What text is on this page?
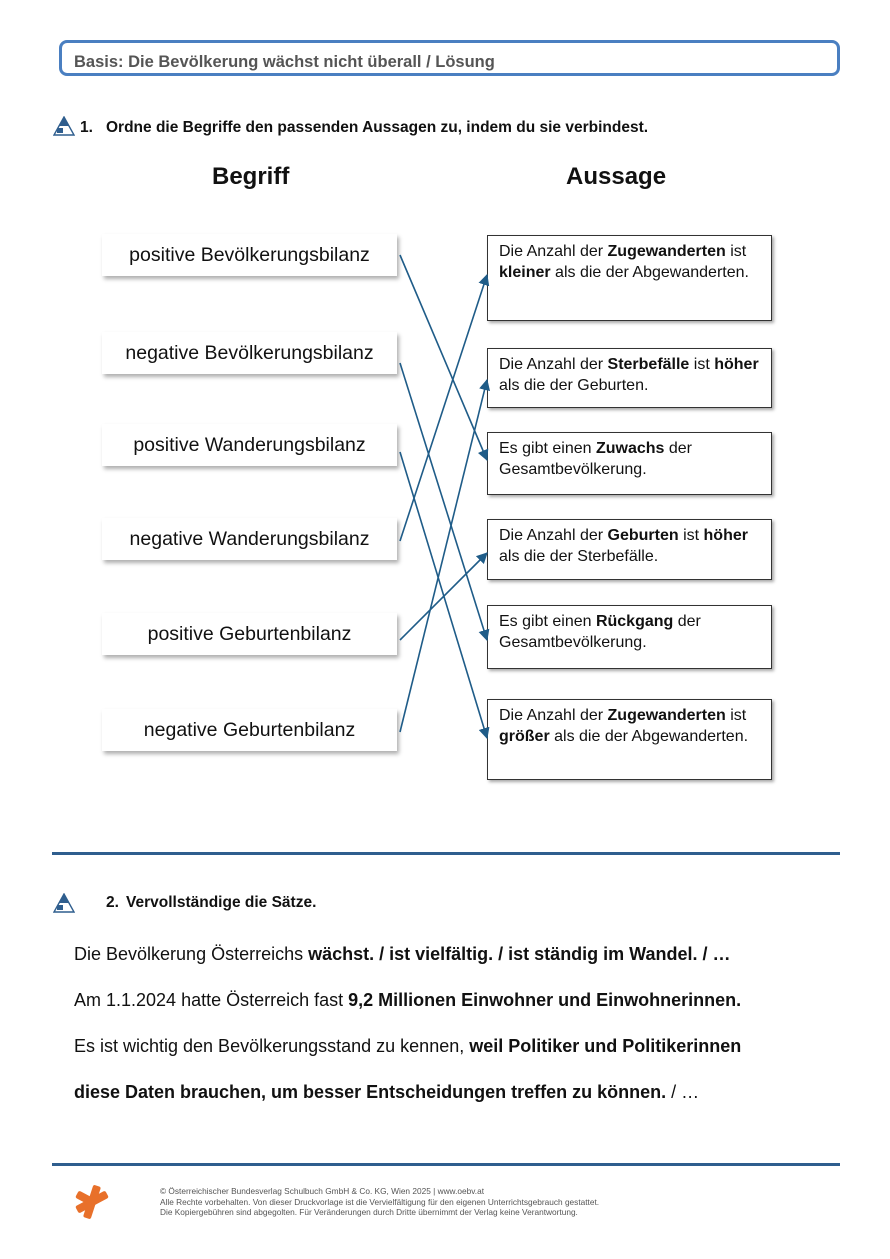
Basis: Die Bevölkerung wächst nicht überall / Lösung
1. Ordne die Begriffe den passenden Aussagen zu, indem du sie verbindest.
Begriff	Aussage
positive Bevölkerungsbilanz
negative Bevölkerungsbilanz
positive Wanderungsbilanz
negative Wanderungsbilanz
positive Geburtenbilanz
negative Geburtenbilanz
Die Anzahl der Zugewanderten ist kleiner als die der Abgewanderten.
Die Anzahl der Sterbefälle ist höher als die der Geburten.
Es gibt einen Zuwachs der Gesamtbevölkerung.
Die Anzahl der Geburten ist höher als die der Sterbefälle.
Es gibt einen Rückgang der Gesamtbevölkerung.
Die Anzahl der Zugewanderten ist größer als die der Abgewanderten.
2. Vervollständige die Sätze.
Die Bevölkerung Österreichs wächst. / ist vielfältig. / ist ständig im Wandel. / …
Am 1.1.2024 hatte Österreich fast 9,2 Millionen Einwohner und Einwohnerinnen.
Es ist wichtig den Bevölkerungsstand zu kennen, weil Politiker und Politikerinnen
diese Daten brauchen, um besser Entscheidungen treffen zu können. / …
© Österreichischer Bundesverlag Schulbuch GmbH & Co. KG, Wien 2025 | www.oebv.at
Alle Rechte vorbehalten. Von dieser Druckvorlage ist die Vervielfältigung für den eigenen Unterrichtsgebrauch gestattet.
Die Kopiergebühren sind abgegolten. Für Veränderungen durch Dritte übernimmt der Verlag keine Verantwortung.
